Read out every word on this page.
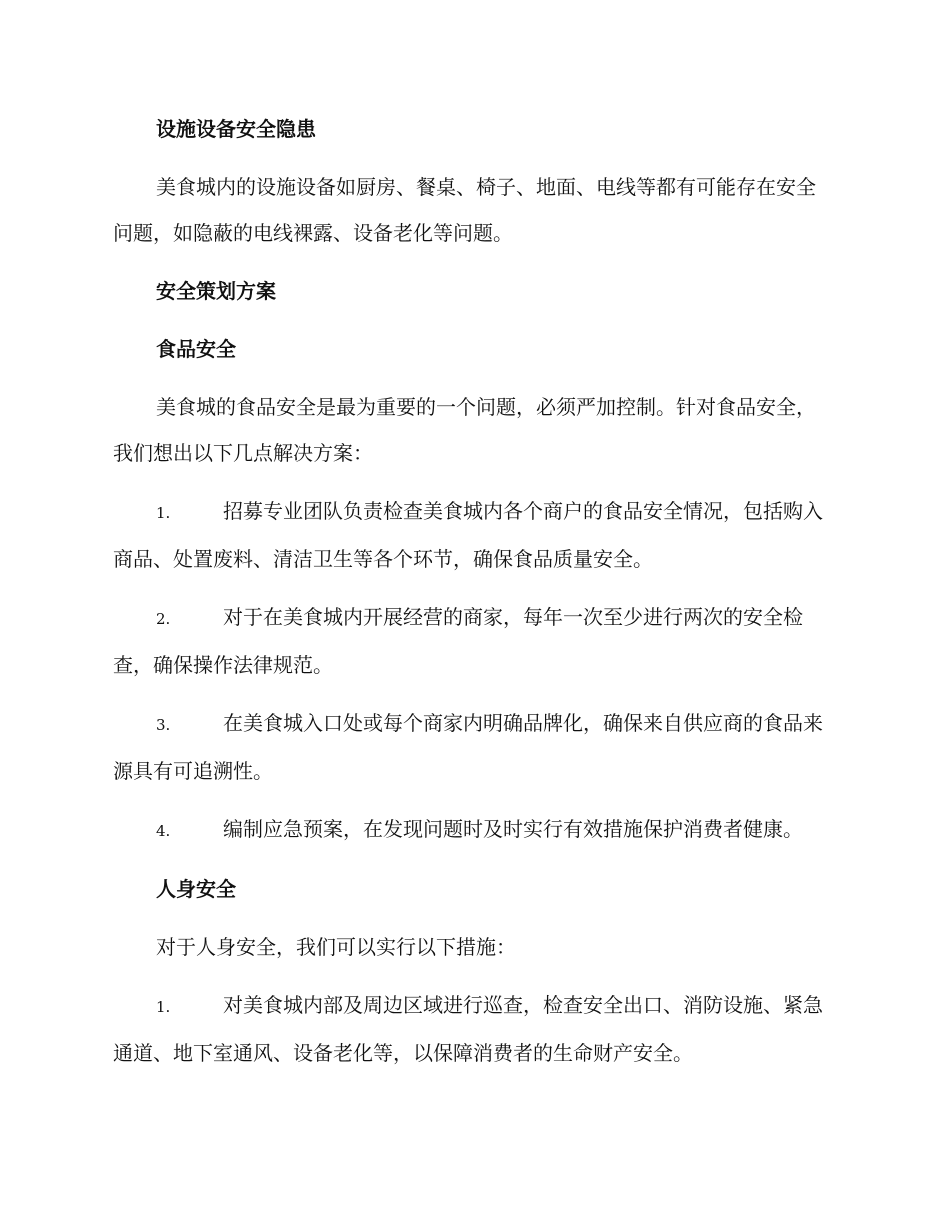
设施设备安全隐患
美食城内的设施设备如厨房、餐桌、椅子、地面、电线等都有可能存在安全问题，如隐蔽的电线裸露、设备老化等问题。
安全策划方案
食品安全
美食城的食品安全是最为重要的一个问题，必须严加控制。针对食品安全，我们想出以下几点解决方案：
1.	招募专业团队负责检查美食城内各个商户的食品安全情况，包括购入商品、处置废料、清洁卫生等各个环节，确保食品质量安全。
2.	对于在美食城内开展经营的商家，每年一次至少进行两次的安全检查，确保操作法律规范。
3.	在美食城入口处或每个商家内明确品牌化，确保来自供应商的食品来源具有可追溯性。
4.	编制应急预案，在发现问题时及时实行有效措施保护消费者健康。
人身安全
对于人身安全，我们可以实行以下措施：
1.	对美食城内部及周边区域进行巡查，检查安全出口、消防设施、紧急通道、地下室通风、设备老化等，以保障消费者的生命财产安全。
